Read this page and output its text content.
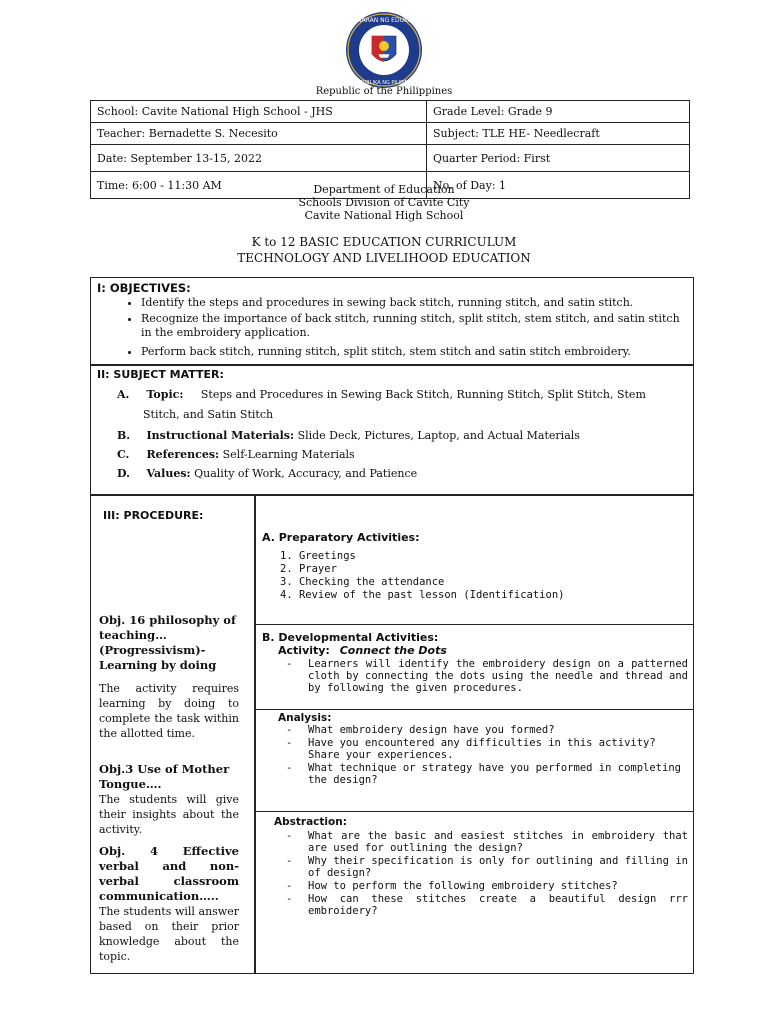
KAGAWARAN NG EDUKASYON
REPUBLIKA NG PILIPINAS
Republic of the Philippines
School: Cavite National High School - JHS	Grade Level: Grade 9
Teacher: Bernadette S. Necesito	Subject: TLE HE- Needlecraft
Date: September 13-15, 2022	Quarter Period: First
Time: 6:00 - 11:30 AM	No. of Day: 1
Department of Education
Schools Division of Cavite City
Cavite National High School
K to 12 BASIC EDUCATION CURRICULUM
TECHNOLOGY AND LIVELIHOOD EDUCATION
I: OBJECTIVES:
• Identify the steps and procedures in sewing back stitch, running stitch, and satin stitch.
• Recognize the importance of back stitch, running stitch, split stitch, stem stitch, and satin stitch in the embroidery application.
• Perform back stitch, running stitch, split stitch, stem stitch and satin stitch embroidery.
II: SUBJECT MATTER:
A. Topic: Steps and Procedures in Sewing Back Stitch, Running Stitch, Split Stitch, Stem
Stitch, and Satin Stitch
B. Instructional Materials: Slide Deck, Pictures, Laptop, and Actual Materials
C. References: Self-Learning Materials
D. Values: Quality of Work, Accuracy, and Patience
III: PROCEDURE:
Obj. 16 philosophy of teaching… (Progressivism)- Learning by doing
The activity requires learning by doing to complete the task within the allotted time.
Obj.3 Use of Mother Tongue….
The students will give their insights about the activity.
Obj. 4 Effective verbal and non-verbal classroom communication…..
The students will answer based on their prior knowledge about the topic.
A. Preparatory Activities:
1. Greetings
2. Prayer
3. Checking the attendance
4. Review of the past lesson (Identification)
B. Developmental Activities:
Activity: Connect the Dots
- Learners will identify the embroidery design on a patterned cloth by connecting the dots using the needle and thread and by following the given procedures.
Analysis:
- What embroidery design have you formed?
- Have you encountered any difficulties in this activity? Share your experiences.
- What technique or strategy have you performed in completing the design?
Abstraction:
- What are the basic and easiest stitches in embroidery that are used for outlining the design?
- Why their specification is only for outlining and filling in of design?
- How to perform the following embroidery stitches?
- How can these stitches create a beautiful design rrr embroidery?
